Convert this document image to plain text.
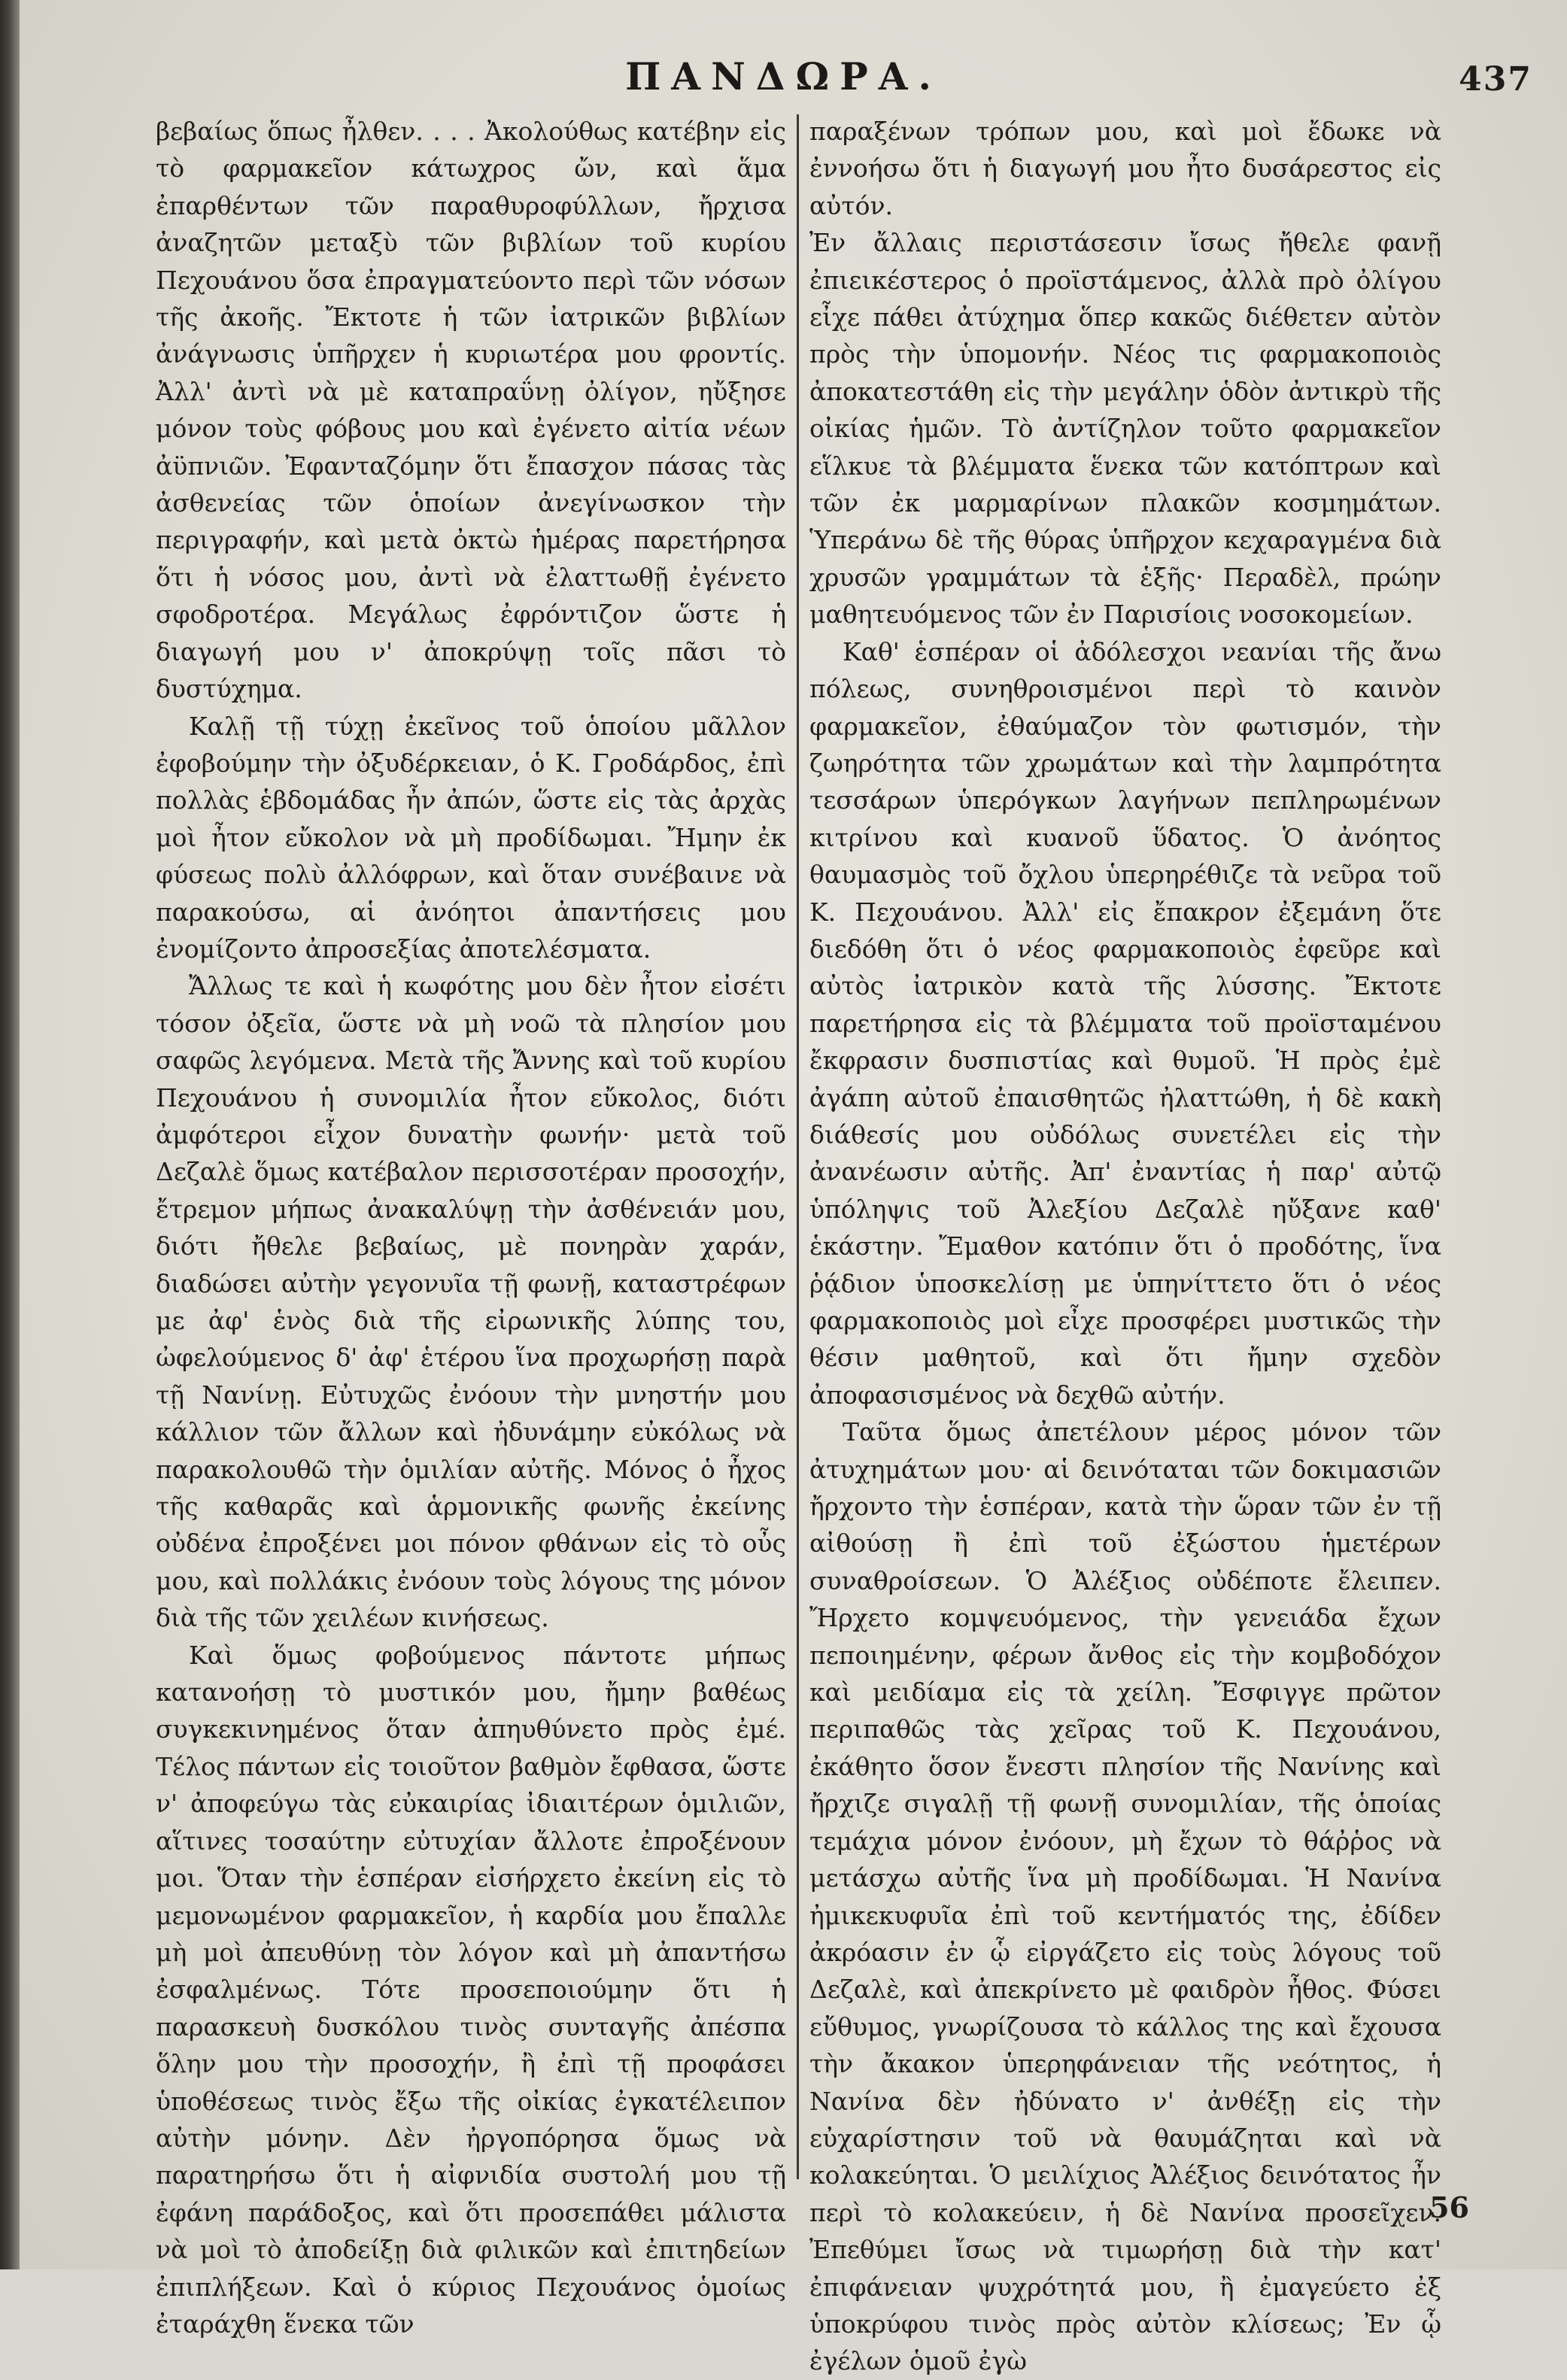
ΠΑΝΔΩΡΑ.	437

βεβαίως ὅπως ἦλθεν. . . . Ἀκολούθως κατέβην εἰς τὸ φαρμακεῖον κάτωχρος ὤν, καὶ ἅμα ἐπαρθέντων τῶν παραθυροφύλλων, ἤρχισα ἀναζητῶν μεταξὺ τῶν βιβλίων τοῦ κυρίου Πεχουάνου ὅσα ἐπραγματεύοντο περὶ τῶν νόσων τῆς ἀκοῆς. Ἔκτοτε ἡ τῶν ἰατρικῶν βιβλίων ἀνάγνωσις ὑπῆρχεν ἡ κυριωτέρα μου φροντίς. Ἀλλ' ἀντὶ νὰ μὲ καταπραΰνῃ ὀλίγον, ηὔξησε μόνον τοὺς φόβους μου καὶ ἐγένετο αἰτία νέων ἀϋπνιῶν. Ἐφανταζόμην ὅτι ἔπασχον πάσας τὰς ἀσθενείας τῶν ὁποίων ἀνεγίνωσκον τὴν περιγραφήν, καὶ μετὰ ὀκτὼ ἡμέρας παρετήρησα ὅτι ἡ νόσος μου, ἀντὶ νὰ ἐλαττωθῇ ἐγένετο σφοδροτέρα. Μεγάλως ἐφρόντιζον ὥστε ἡ διαγωγή μου ν' ἀποκρύψῃ τοῖς πᾶσι τὸ δυστύχημα.

Καλῇ τῇ τύχῃ ἐκεῖνος τοῦ ὁποίου μᾶλλον ἐφοβούμην τὴν ὀξυδέρκειαν, ὁ Κ. Γροδάρδος, ἐπὶ πολλὰς ἑβδομάδας ἦν ἀπών, ὥστε εἰς τὰς ἀρχὰς μοὶ ἦτον εὔκολον νὰ μὴ προδίδωμαι. Ἤμην ἐκ φύσεως πολὺ ἀλλόφρων, καὶ ὅταν συνέβαινε νὰ παρακούσω, αἱ ἀνόητοι ἀπαντήσεις μου ἐνομίζοντο ἀπροσεξίας ἀποτελέσματα.

Ἄλλως τε καὶ ἡ κωφότης μου δὲν ἦτον εἰσέτι τόσον ὀξεῖα, ὥστε νὰ μὴ νοῶ τὰ πλησίον μου σαφῶς λεγόμενα. Μετὰ τῆς Ἄννης καὶ τοῦ κυρίου Πεχουάνου ἡ συνομιλία ἦτον εὔκολος, διότι ἀμφότεροι εἶχον δυνατὴν φωνήν· μετὰ τοῦ Δεζαλὲ ὅμως κατέβαλον περισσοτέραν προσοχήν, ἔτρεμον μήπως ἀνακαλύψῃ τὴν ἀσθένειάν μου, διότι ἤθελε βεβαίως, μὲ πονηρὰν χαράν, διαδώσει αὐτὴν γεγονυῖα τῇ φωνῇ, καταστρέφων με ἀφ' ἑνὸς διὰ τῆς εἰρωνικῆς λύπης του, ὠφελούμενος δ' ἀφ' ἑτέρου ἵνα προχωρήσῃ παρὰ τῇ Νανίνῃ. Εὐτυχῶς ἐνόουν τὴν μνηστήν μου κάλλιον τῶν ἄλλων καὶ ἠδυνάμην εὐκόλως νὰ παρακολουθῶ τὴν ὁμιλίαν αὐτῆς. Μόνος ὁ ἦχος τῆς καθαρᾶς καὶ ἁρμονικῆς φωνῆς ἐκείνης οὐδένα ἐπροξένει μοι πόνον φθάνων εἰς τὸ οὖς μου, καὶ πολλάκις ἐνόουν τοὺς λόγους της μόνον διὰ τῆς τῶν χειλέων κινήσεως.

Καὶ ὅμως φοβούμενος πάντοτε μήπως κατανοήσῃ τὸ μυστικόν μου, ἤμην βαθέως συγκεκινημένος ὅταν ἀπηυθύνετο πρὸς ἐμέ. Τέλος πάντων εἰς τοιοῦτον βαθμὸν ἔφθασα, ὥστε ν' ἀποφεύγω τὰς εὐκαιρίας ἰδιαιτέρων ὁμιλιῶν, αἵτινες τοσαύτην εὐτυχίαν ἄλλοτε ἐπροξένουν μοι. Ὅταν τὴν ἑσπέραν εἰσήρχετο ἐκείνη εἰς τὸ μεμονωμένον φαρμακεῖον, ἡ καρδία μου ἔπαλλε μὴ μοὶ ἀπευθύνῃ τὸν λόγον καὶ μὴ ἀπαντήσω ἐσφαλμένως. Τότε προσεποιούμην ὅτι ἡ παρασκευὴ δυσκόλου τινὸς συνταγῆς ἀπέσπα ὅλην μου τὴν προσοχήν, ἢ ἐπὶ τῇ προφάσει ὑποθέσεως τινὸς ἔξω τῆς οἰκίας ἐγκατέλειπον αὐτὴν μόνην. Δὲν ἠργοπόρησα ὅμως νὰ παρατηρήσω ὅτι ἡ αἰφνιδία συστολή μου τῇ ἐφάνη παράδοξος, καὶ ὅτι προσεπάθει μάλιστα νὰ μοὶ τὸ ἀποδείξῃ διὰ φιλικῶν καὶ ἐπιτηδείων ἐπιπλήξεων. Καὶ ὁ κύριος Πεχουάνος ὁμοίως ἐταράχθη ἕνεκα τῶν

παραξένων τρόπων μου, καὶ μοὶ ἔδωκε νὰ ἐννοήσω ὅτι ἡ διαγωγή μου ἦτο δυσάρεστος εἰς αὐτόν.

Ἐν ἄλλαις περιστάσεσιν ἴσως ἤθελε φανῇ ἐπιεικέστερος ὁ προϊστάμενος, ἀλλὰ πρὸ ὀλίγου εἶχε πάθει ἀτύχημα ὅπερ κακῶς διέθετεν αὐτὸν πρὸς τὴν ὑπομονήν. Νέος τις φαρμακοποιὸς ἀποκατεστάθη εἰς τὴν μεγάλην ὁδὸν ἀντικρὺ τῆς οἰκίας ἡμῶν. Τὸ ἀντίζηλον τοῦτο φαρμακεῖον εἵλκυε τὰ βλέμματα ἕνεκα τῶν κατόπτρων καὶ τῶν ἐκ μαρμαρίνων πλακῶν κοσμημάτων. Ὑπεράνω δὲ τῆς θύρας ὑπῆρχον κεχαραγμένα διὰ χρυσῶν γραμμάτων τὰ ἑξῆς· Περαδὲλ, πρώην μαθητευόμενος τῶν ἐν Παρισίοις νοσοκομείων.

Καθ' ἑσπέραν οἱ ἀδόλεσχοι νεανίαι τῆς ἄνω πόλεως, συνηθροισμένοι περὶ τὸ καινὸν φαρμακεῖον, ἐθαύμαζον τὸν φωτισμόν, τὴν ζωηρότητα τῶν χρωμάτων καὶ τὴν λαμπρότητα τεσσάρων ὑπερόγκων λαγήνων πεπληρωμένων κιτρίνου καὶ κυανοῦ ὕδατος. Ὁ ἀνόητος θαυμασμὸς τοῦ ὄχλου ὑπερηρέθιζε τὰ νεῦρα τοῦ Κ. Πεχουάνου. Ἀλλ' εἰς ἔπακρον ἐξεμάνη ὅτε διεδόθη ὅτι ὁ νέος φαρμακοποιὸς ἐφεῦρε καὶ αὐτὸς ἰατρικὸν κατὰ τῆς λύσσης. Ἔκτοτε παρετήρησα εἰς τὰ βλέμματα τοῦ προϊσταμένου ἔκφρασιν δυσπιστίας καὶ θυμοῦ. Ἡ πρὸς ἐμὲ ἀγάπη αὐτοῦ ἐπαισθητῶς ἠλαττώθη, ἡ δὲ κακὴ διάθεσίς μου οὐδόλως συνετέλει εἰς τὴν ἀνανέωσιν αὐτῆς. Ἀπ' ἐναντίας ἡ παρ' αὐτῷ ὑπόληψις τοῦ Ἀλεξίου Δεζαλὲ ηὔξανε καθ' ἑκάστην. Ἔμαθον κατόπιν ὅτι ὁ προδότης, ἵνα ῥᾴδιον ὑποσκελίσῃ με ὑπηνίττετο ὅτι ὁ νέος φαρμακοποιὸς μοὶ εἶχε προσφέρει μυστικῶς τὴν θέσιν μαθητοῦ, καὶ ὅτι ἤμην σχεδὸν ἀποφασισμένος νὰ δεχθῶ αὐτήν.

Ταῦτα ὅμως ἀπετέλουν μέρος μόνον τῶν ἀτυχημάτων μου· αἱ δεινόταται τῶν δοκιμασιῶν ἤρχοντο τὴν ἑσπέραν, κατὰ τὴν ὥραν τῶν ἐν τῇ αἰθούσῃ ἢ ἐπὶ τοῦ ἐξώστου ἡμετέρων συναθροίσεων. Ὁ Ἀλέξιος οὐδέποτε ἔλειπεν. Ἤρχετο κομψευόμενος, τὴν γενειάδα ἔχων πεποιημένην, φέρων ἄνθος εἰς τὴν κομβοδόχον καὶ μειδίαμα εἰς τὰ χείλη. Ἔσφιγγε πρῶτον περιπαθῶς τὰς χεῖρας τοῦ Κ. Πεχουάνου, ἐκάθητο ὅσον ἔνεστι πλησίον τῆς Νανίνης καὶ ἤρχιζε σιγαλῇ τῇ φωνῇ συνομιλίαν, τῆς ὁποίας τεμάχια μόνον ἐνόουν, μὴ ἔχων τὸ θάῤῥος νὰ μετάσχω αὐτῆς ἵνα μὴ προδίδωμαι. Ἡ Νανίνα ἠμικεκυφυῖα ἐπὶ τοῦ κεντήματός της, ἐδίδεν ἀκρόασιν ἐν ᾧ εἰργάζετο εἰς τοὺς λόγους τοῦ Δεζαλὲ, καὶ ἀπεκρίνετο μὲ φαιδρὸν ἦθος. Φύσει εὔθυμος, γνωρίζουσα τὸ κάλλος της καὶ ἔχουσα τὴν ἄκακον ὑπερηφάνειαν τῆς νεότητος, ἡ Νανίνα δὲν ἠδύνατο ν' ἀνθέξῃ εἰς τὴν εὐχαρίστησιν τοῦ νὰ θαυμάζηται καὶ νὰ κολακεύηται. Ὁ μειλίχιος Ἀλέξιος δεινότατος ἦν περὶ τὸ κολακεύειν, ἡ δὲ Νανίνα προσεῖχεν. Ἐπεθύμει ἴσως νὰ τιμωρήσῃ διὰ τὴν κατ' ἐπιφάνειαν ψυχρότητά μου, ἢ ἐμαγεύετο ἐξ ὑποκρύφου τινὸς πρὸς αὐτὸν κλίσεως; Ἐν ᾧ ἐγέλων ὁμοῦ ἐγὼ

56
